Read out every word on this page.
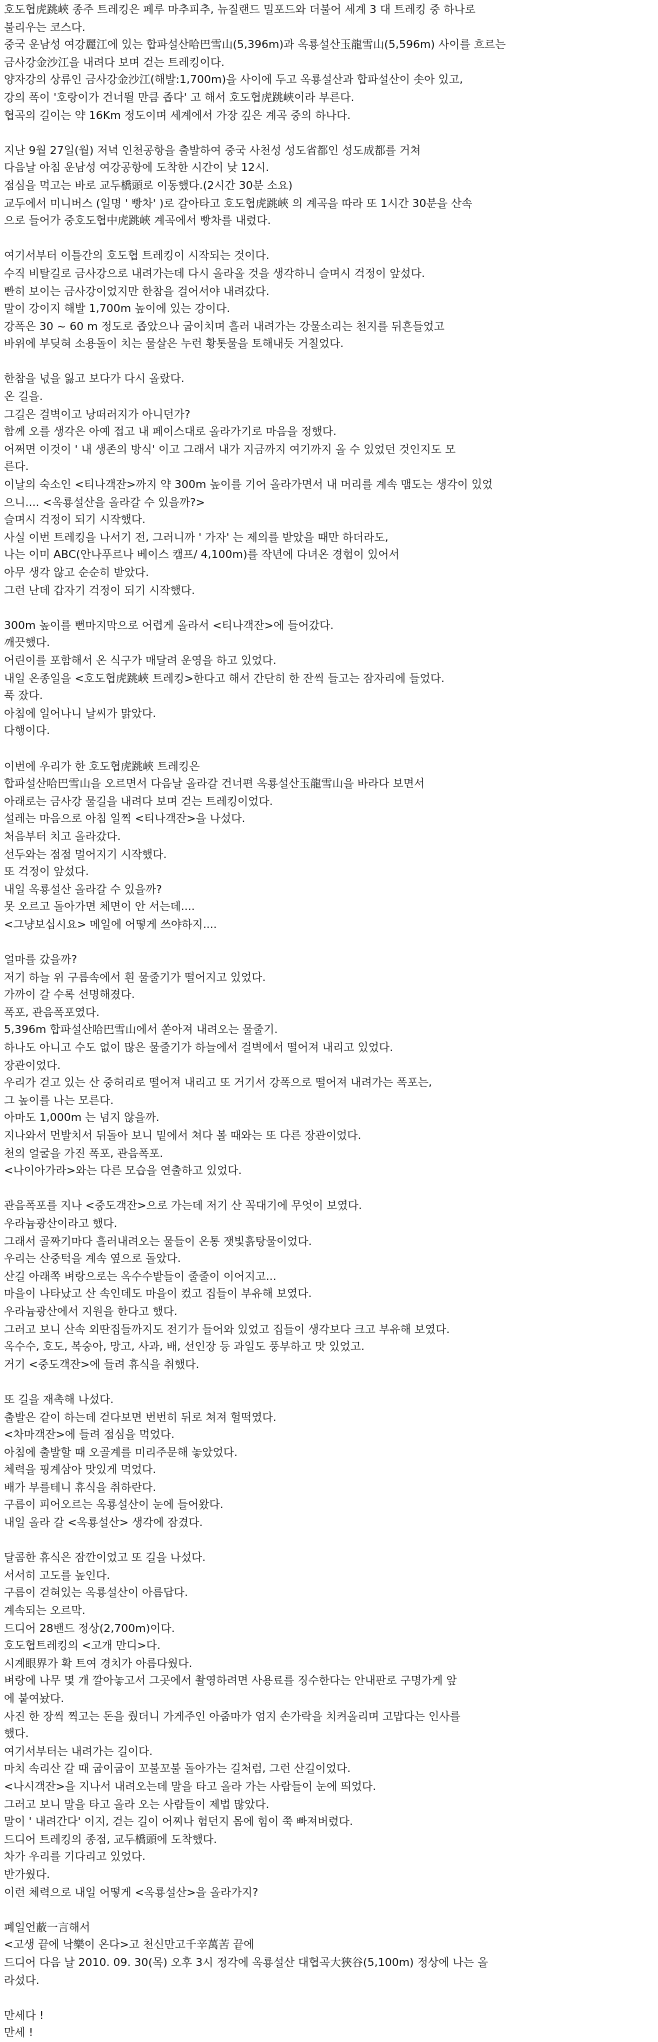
호도협虎跳峽 종주 트레킹은 페루 마추피추, 뉴질랜드 밀포드와 더불어 세계 3 대 트레킹 중 하나로
불리우는 코스다.
중국 운남성 여강麗江에 있는 합파설산哈巴雪山(5,396m)과 옥룡설산玉龍雪山(5,596m) 사이를 흐르는
금사강金沙江을 내려다 보며 걷는 트레킹이다.
양자강의 상류인 금사강金沙江(해발:1,700m)을 사이에 두고 옥룡설산과 합파설산이 솟아 있고,
강의 폭이 '호랑이가 건너뛸 만큼 좁다' 고 해서 호도협虎跳峽이라 부른다.
협곡의 길이는 약 16Km 정도이며 세계에서 가장 깊은 계곡 중의 하나다.
지난 9월 27일(월) 저녁 인천공항을 출발하여 중국 사천성 성도省都인 성도成都를 거쳐
다음날 아침 운남성 여강공항에 도착한 시간이 낮 12시.
점심을 먹고는 바로 교두橋頭로 이동했다.(2시간 30분 소요)
교두에서 미니버스 (일명 ' 빵차' )로 갈아타고 호도협虎跳峽 의 계곡을 따라 또 1시간 30분을 산속
으로 들어가 중호도협中虎跳峽 계곡에서 빵차를 내렸다.
여기서부터 이틀간의 호도협 트레킹이 시작되는 것이다.
수직 비탈길로 금사강으로 내려가는데 다시 올라올 것을 생각하니 슬며시 걱정이 앞섰다.
빤히 보이는 금사강이었지만 한참을 걸어서야 내려갔다.
말이 강이지 해발 1,700m 높이에 있는 강이다.
강폭은 30 ~ 60 m 정도로 좁았으나 굽이치며 흘러 내려가는 강물소리는 천지를 뒤흔들었고
바위에 부딪혀 소용돌이 치는 물살은 누런 황톳물을 토해내듯 거칠었다.
한참을 넋을 잃고 보다가 다시 올랐다.
온 길을.
그길은 걸벽이고 낭떠러지가 아니던가?
함께 오를 생각은 아예 접고 내 페이스대로 올라가기로 마음을 정했다.
어쩌면 이것이 ' 내 생존의 방식' 이고 그래서 내가 지금까지 여기까지 올 수 있었던 것인지도 모
른다.
이날의 숙소인 <티나객잔>까지 약 300m 높이를 기어 올라가면서 내 머리를 계속 맴도는 생각이 있었
으니.... <옥룡설산을 올라갈 수 있을까?>
슬며시 걱정이 되기 시작했다.
사실 이번 트레킹을 나서기 전, 그러니까 ' 가자' 는 제의를 받았을 때만 하더라도,
나는 이미 ABC(안나푸르나 베이스 캠프/ 4,100m)를 작년에 다녀온 경험이 있어서
아무 생각 않고 순순히 받았다.
그런 난데 갑자기 걱정이 되기 시작했다.
300m 높이를 뻔마지막으로 어렵게 올라서 <티나객잔>에 들어갔다.
깨끗했다.
어린이를 포함해서 온 식구가 매달려 운영을 하고 있었다.
내일 온종일을 <호도협虎跳峽 트레킹>한다고 해서 간단히 한 잔씩 들고는 잠자리에 들었다.
푹 잤다.
아침에 일어나니 날씨가 맑았다.
다행이다.
이번에 우리가 한 호도협虎跳峽 트레킹은
합파설산哈巴雪山을 오르면서 다음날 올라갈 건너편 옥룡설산玉龍雪山을 바라다 보면서
아래로는 금사강 물길을 내려다 보며 걷는 트레킹이었다.
설레는 마음으로 아침 일찍 <티나객잔>을 나섰다.
처음부터 치고 올라갔다.
선두와는 점점 멀어지기 시작했다.
또 걱정이 앞섰다.
내일 옥룡설산 올라갈 수 있을까?
못 오르고 돌아가면 체면이 안 서는데....
<그냥보십시요> 메일에 어떻게 쓰야하지....
얼마를 갔을까?
저기 하늘 위 구름속에서 흰 물줄기가 떨어지고 있었다.
가까이 갈 수록 선명해졌다.
폭포, 관음폭포였다.
5,396m 합파설산哈巴雪山에서 쏟아져 내려오는 물줄기.
하나도 아니고 수도 없이 많은 물줄기가 하늘에서 걸벽에서 떨어져 내리고 있었다.
장관이었다.
우리가 걷고 있는 산 중허리로 떨어져 내리고 또 거기서 강폭으로 떨어져 내려가는 폭포는,
그 높이를 나는 모른다.
아마도 1,000m 는 넘지 않을까.
지나와서 먼발치서 뒤돌아 보니 밑에서 쳐다 볼 때와는 또 다른 장관이었다.
천의 얼굴을 가진 폭포, 관음폭포.
<나이아가라>와는 다른 모습을 연출하고 있었다.
관음폭포를 지나 <중도객잔>으로 가는데 저기 산 꼭대기에 무엇이 보였다.
우라늄광산이라고 했다.
그래서 골짜기마다 흘러내려오는 물들이 온통 잿빛흙탕물이었다.
우리는 산중턱을 계속 옆으로 돌았다.
산길 아래쪽 벼랑으로는 옥수수밭들이 줄줄이 이어지고...
마을이 나타났고 산 속인데도 마을이 컸고 집들이 부유해 보였다.
우라늄광산에서 지원을 한다고 했다.
그러고 보니 산속 외딴집들까지도 전기가 들어와 있었고 집들이 생각보다 크고 부유해 보였다.
옥수수, 호도, 복숭아, 망고, 사과, 배, 선인장 등 과일도 풍부하고 맛 있었고.
거기 <중도객잔>에 들려 휴식을 취했다.
또 길을 재촉해 나섰다.
출발은 같이 하는데 걷다보면 번번히 뒤로 쳐져 헐떡였다.
<차마객잔>에 들려 점심을 먹었다.
아침에 출발할 때 오골계를 미리주문해 놓았었다.
체력을 핑계삼아 맛있게 먹었다.
배가 부를테니 휴식을 취하란다.
구름이 피어오르는 옥룡설산이 눈에 들어왔다.
내일 올라 갈 <옥룡설산> 생각에 잠겼다.
달콤한 휴식은 잠깐이었고 또 길을 나섰다.
서서히 고도를 높인다.
구름이 걷혀있는 옥룡설산이 아름답다.
계속되는 오르막.
드디어 28밴드 정상(2,700m)이다.
호도협트레킹의 <고개 만디>다.
시계眼界가 확 트여 경치가 아름다웠다.
벼랑에 나무 몇 개 깔아놓고서 그곳에서 촬영하려면 사용료를 징수한다는 안내판로 구명가게 앞
에 붙여놨다.
사진 한 장씩 찍고는 돈을 줬더니 가게주인 아줌마가 엄지 손가락을 치켜올리며 고맙다는 인사를
했다.
여기서부터는 내려가는 길이다.
마치 속리산 갈 때 굽이굽이 꼬불꼬불 돌아가는 길처럼, 그런 산길이었다.
<나시객잔>을 지나서 내려오는데 말을 타고 올라 가는 사람들이 눈에 띄었다.
그러고 보니 말을 타고 올라 오는 사람들이 제법 많았다.
말이 ' 내려간다' 이지, 걷는 길이 어찌나 험던지 몸에 힘이 쭉 빠져버렸다.
드디어 트레킹의 종점, 교두橋頭에 도착했다.
차가 우리를 기다리고 있었다.
반가웠다.
이런 체력으로 내일 어떻게 <옥룡설산>을 올라가지?
폐일언蔽一言해서
<고생 끝에 낙樂이 온다>고 천신만고千辛萬苦 끝에
드디어 다음 날 2010. 09. 30(목) 오후 3시 정각에 옥룡설산 대협곡大狹谷(5,100m) 정상에 나는 올
라섰다.
만세다 !
만세 !
